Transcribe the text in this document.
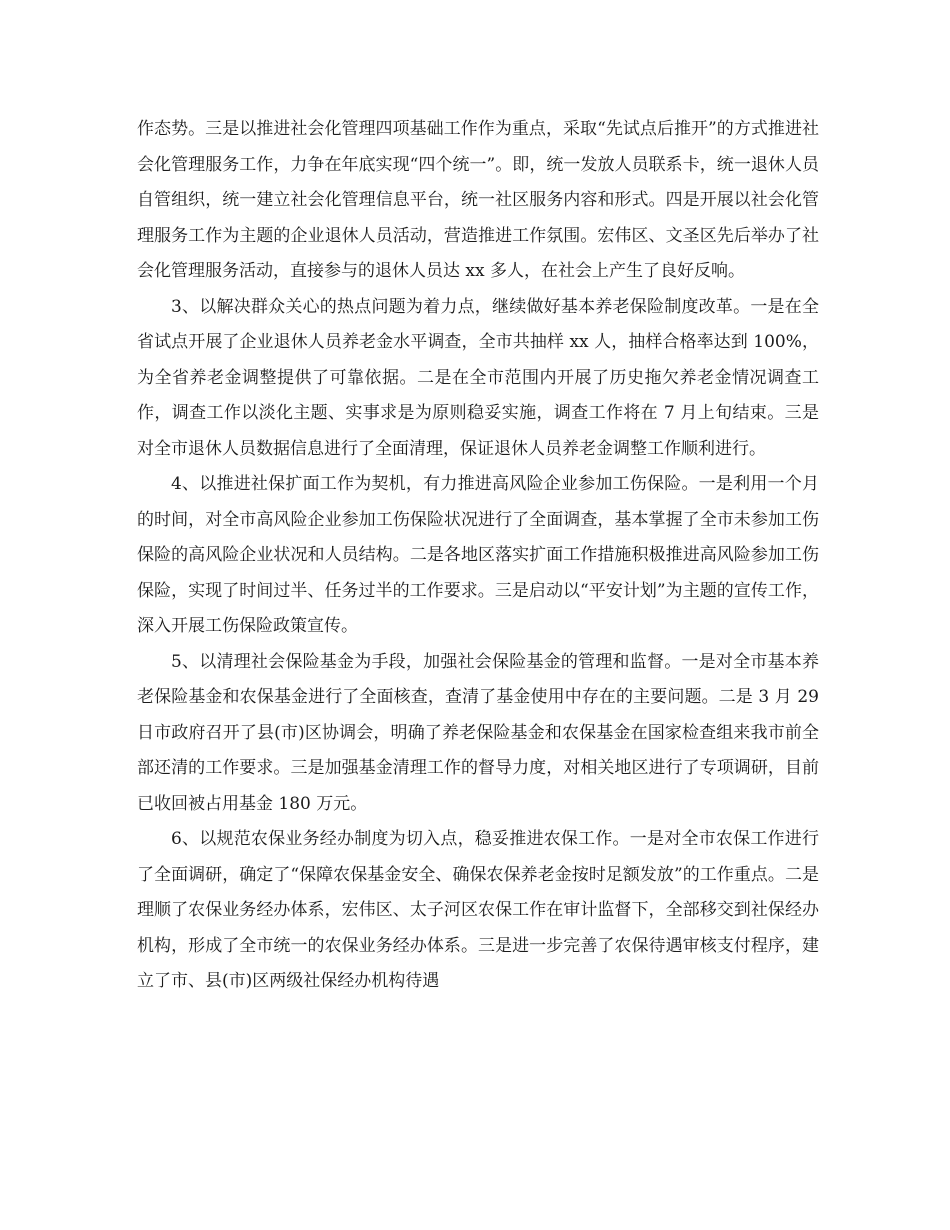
作态势。三是以推进社会化管理四项基础工作作为重点，采取“先试点后推开”的方式推进社会化管理服务工作，力争在年底实现“四个统一”。即，统一发放人员联系卡，统一退休人员自管组织，统一建立社会化管理信息平台，统一社区服务内容和形式。四是开展以社会化管理服务工作为主题的企业退休人员活动，营造推进工作氛围。宏伟区、文圣区先后举办了社会化管理服务活动，直接参与的退休人员达 xx 多人，在社会上产生了良好反响。

3、以解决群众关心的热点问题为着力点，继续做好基本养老保险制度改革。一是在全省试点开展了企业退休人员养老金水平调查，全市共抽样 xx 人，抽样合格率达到 100%，为全省养老金调整提供了可靠依据。二是在全市范围内开展了历史拖欠养老金情况调查工作，调查工作以淡化主题、实事求是为原则稳妥实施，调查工作将在 7 月上旬结束。三是对全市退休人员数据信息进行了全面清理，保证退休人员养老金调整工作顺利进行。

4、以推进社保扩面工作为契机，有力推进高风险企业参加工伤保险。一是利用一个月的时间，对全市高风险企业参加工伤保险状况进行了全面调查，基本掌握了全市未参加工伤保险的高风险企业状况和人员结构。二是各地区落实扩面工作措施积极推进高风险参加工伤保险，实现了时间过半、任务过半的工作要求。三是启动以“平安计划”为主题的宣传工作，深入开展工伤保险政策宣传。

5、以清理社会保险基金为手段，加强社会保险基金的管理和监督。一是对全市基本养老保险基金和农保基金进行了全面核查，查清了基金使用中存在的主要问题。二是 3 月 29 日市政府召开了县(市)区协调会，明确了养老保险基金和农保基金在国家检查组来我市前全部还清的工作要求。三是加强基金清理工作的督导力度，对相关地区进行了专项调研，目前已收回被占用基金 180 万元。

6、以规范农保业务经办制度为切入点，稳妥推进农保工作。一是对全市农保工作进行了全面调研，确定了“保障农保基金安全、确保农保养老金按时足额发放”的工作重点。二是理顺了农保业务经办体系，宏伟区、太子河区农保工作在审计监督下，全部移交到社保经办机构，形成了全市统一的农保业务经办体系。三是进一步完善了农保待遇审核支付程序，建立了市、县(市)区两级社保经办机构待遇
